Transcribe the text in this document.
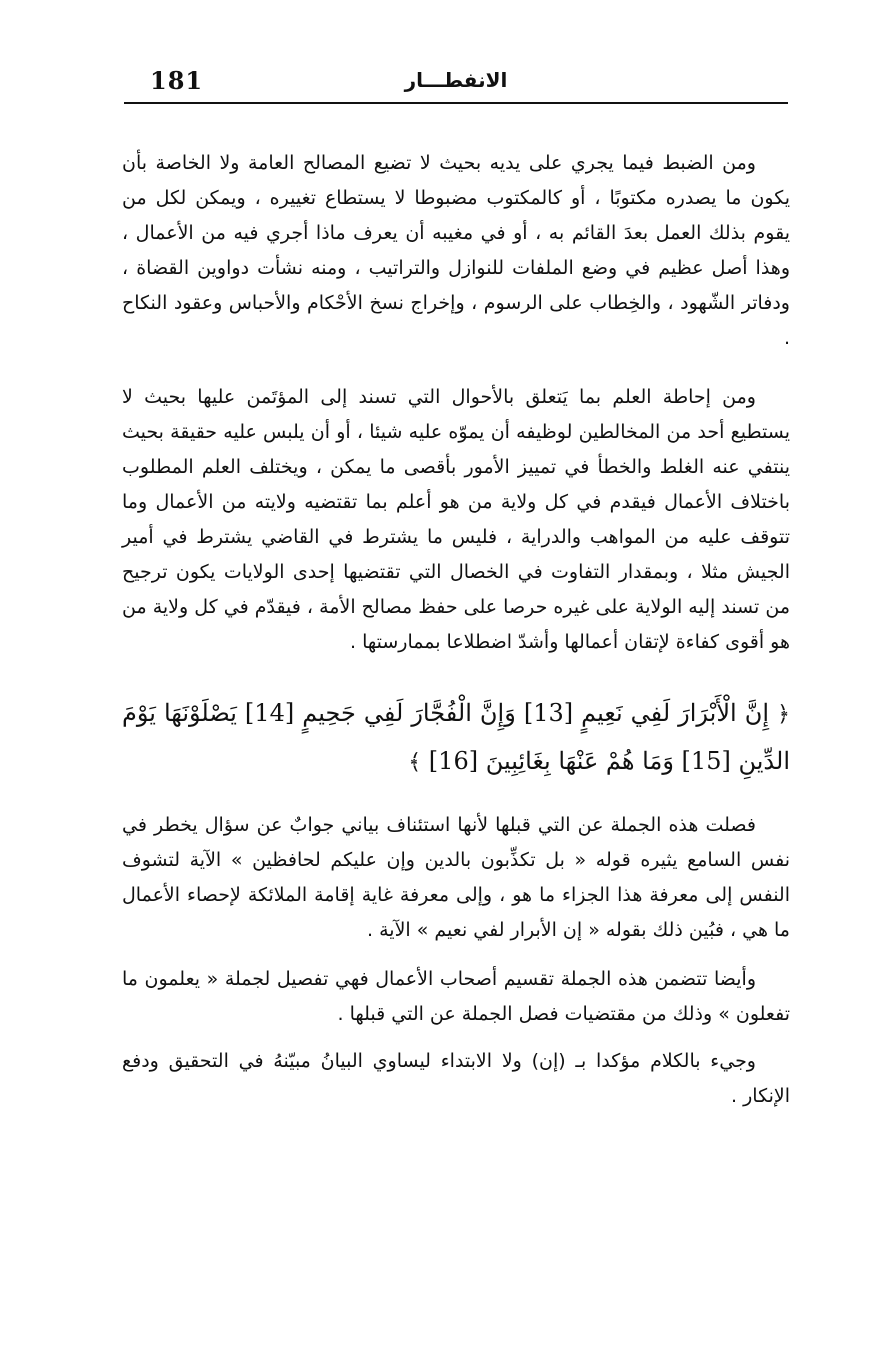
181	الانفطـــار

ومن الضبط فيما يجري على يديه بحيث لا تضيع المصالح العامة ولا الخاصة بأن يكون ما يصدره مكتوبًا ، أو كالمكتوب مضبوطا لا يستطاع تغييره ، ويمكن لكل من يقوم بذلك العمل بعدَ القائم به ، أو في مغيبه أن يعرف ماذا أجري فيه من الأعمال ، وهذا أصل عظيم في وضع الملفات للنوازل والتراتيب ، ومنه نشأت دواوين القضاة ، ودفاتر الشّهود ، والخِطاب على الرسوم ، وإخراج نسخ الأحْكام والأحباس وعقود النكاح .

ومن إحاطة العلم بما يَتعلق بالأحوال التي تسند إلى المؤتَمن عليها بحيث لا يستطيع أحد من المخالطين لوظيفه أن يموّه عليه شيئا ، أو أن يلبس عليه حقيقة بحيث ينتفي عنه الغلط والخطأ في تمييز الأمور بأقصى ما يمكن ، ويختلف العلم المطلوب باختلاف الأعمال فيقدم في كل ولاية من هو أعلم بما تقتضيه ولايته من الأعمال وما تتوقف عليه من المواهب والدراية ، فليس ما يشترط في القاضي يشترط في أمير الجيش مثلا ، وبمقدار التفاوت في الخصال التي تقتضيها إحدى الولايات يكون ترجيح من تسند إليه الولاية على غيره حرصا على حفظ مصالح الأمة ، فيقدّم في كل ولاية من هو أقوى كفاءة لإتقان أعمالها وأشدّ اضطلاعا بممارستها .

﴿ إِنَّ الْأَبْرَارَ لَفِي نَعِيمٍ [13] وَإِنَّ الْفُجَّارَ لَفِي جَحِيمٍ [14] يَصْلَوْنَهَا يَوْمَ الدِّينِ [15] وَمَا هُمْ عَنْهَا بِغَائِبِينَ [16] ﴾

فصلت هذه الجملة عن التي قبلها لأنها استئناف بياني جوابٌ عن سؤال يخطر في نفس السامع يثيره قوله « بل تكذِّبون بالدين وإن عليكم لحافظين » الآية لتشوف النفس إلى معرفة هذا الجزاء ما هو ، وإلى معرفة غاية إقامة الملائكة لإحصاء الأعمال ما هي ، فبُين ذلك بقوله « إن الأبرار لفي نعيم » الآية .

وأيضا تتضمن هذه الجملة تقسيم أصحاب الأعمال فهي تفصيل لجملة « يعلمون ما تفعلون » وذلك من مقتضيات فصل الجملة عن التي قبلها .

وجيء بالكلام مؤكدا بـ (إن) ولا الابتداء ليساوي البيانُ مبيّنهُ في التحقيق ودفع الإنكار .
